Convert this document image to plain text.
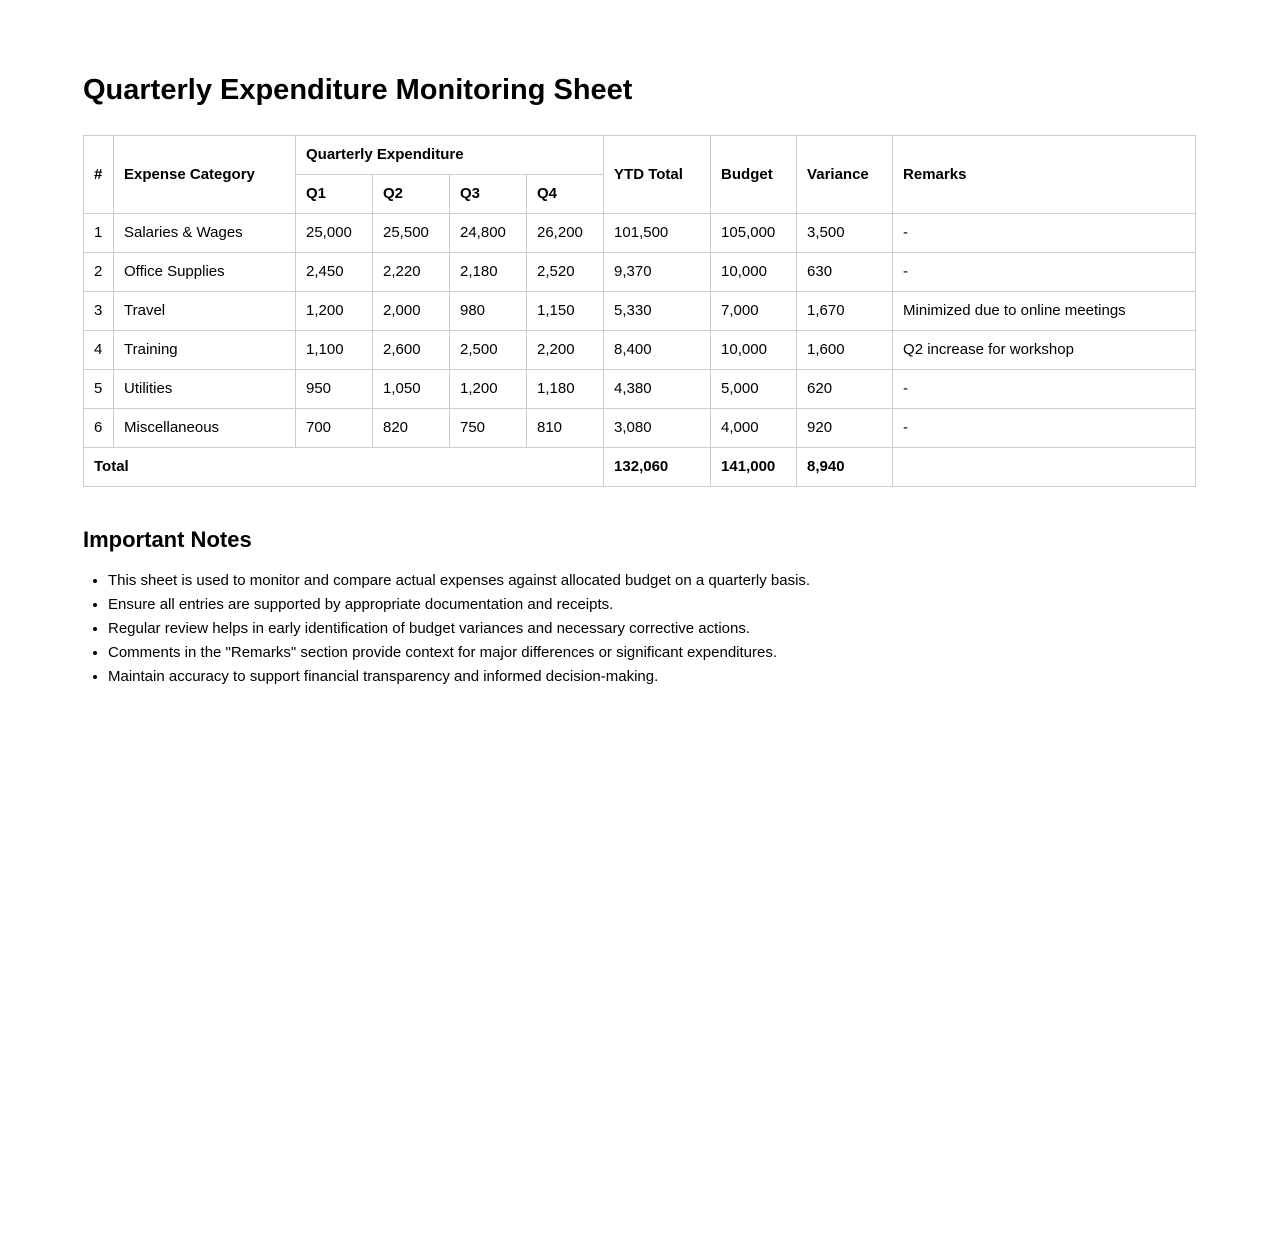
Quarterly Expenditure Monitoring Sheet
#	Expense Category	Quarterly Expenditure				YTD Total	Budget	Variance	Remarks
		Q1	Q2	Q3	Q4				
1	Salaries & Wages	25,000	25,500	24,800	26,200	101,500	105,000	3,500	-
2	Office Supplies	2,450	2,220	2,180	2,520	9,370	10,000	630	-
3	Travel	1,200	2,000	980	1,150	5,330	7,000	1,670	Minimized due to online meetings
4	Training	1,100	2,600	2,500	2,200	8,400	10,000	1,600	Q2 increase for workshop
5	Utilities	950	1,050	1,200	1,180	4,380	5,000	620	-
6	Miscellaneous	700	820	750	810	3,080	4,000	920	-
Total						132,060	141,000	8,940	
Important Notes
• This sheet is used to monitor and compare actual expenses against allocated budget on a quarterly basis.
• Ensure all entries are supported by appropriate documentation and receipts.
• Regular review helps in early identification of budget variances and necessary corrective actions.
• Comments in the "Remarks" section provide context for major differences or significant expenditures.
• Maintain accuracy to support financial transparency and informed decision-making.
